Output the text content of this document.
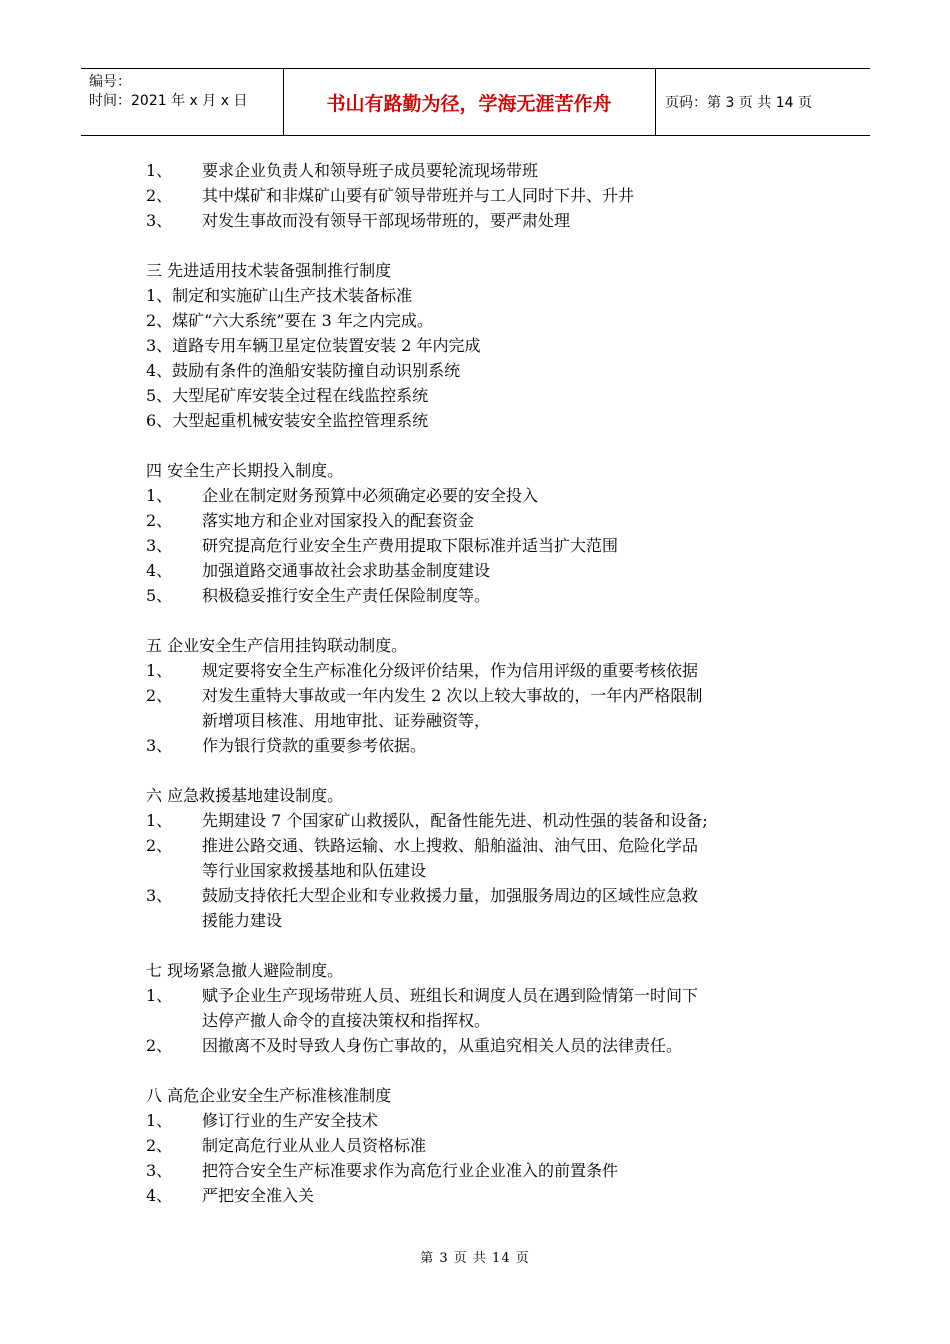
编号：
时间：2021 年 x 月 x 日	书山有路勤为径，学海无涯苦作舟	页码：第 3 页 共 14 页
1、 要求企业负责人和领导班子成员要轮流现场带班
2、 其中煤矿和非煤矿山要有矿领导带班并与工人同时下井、升井
3、 对发生事故而没有领导干部现场带班的，要严肃处理
三 先进适用技术装备强制推行制度
1、制定和实施矿山生产技术装备标准
2、煤矿“六大系统”要在 3 年之内完成。
3、道路专用车辆卫星定位装置安装 2 年内完成
4、鼓励有条件的渔船安装防撞自动识别系统
5、大型尾矿库安装全过程在线监控系统
6、大型起重机械安装安全监控管理系统
四 安全生产长期投入制度。
1、 企业在制定财务预算中必须确定必要的安全投入
2、 落实地方和企业对国家投入的配套资金
3、 研究提高危行业安全生产费用提取下限标准并适当扩大范围
4、 加强道路交通事故社会求助基金制度建设
5、 积极稳妥推行安全生产责任保险制度等。
五 企业安全生产信用挂钩联动制度。
1、 规定要将安全生产标准化分级评价结果，作为信用评级的重要考核依据
2、 对发生重特大事故或一年内发生 2 次以上较大事故的，一年内严格限制
新增项目核准、用地审批、证券融资等，
3、 作为银行贷款的重要参考依据。
六 应急救援基地建设制度。
1、 先期建设 7 个国家矿山救援队，配备性能先进、机动性强的装备和设备;
2、 推进公路交通、铁路运输、水上搜救、船舶溢油、油气田、危险化学品
等行业国家救援基地和队伍建设
3、 鼓励支持依托大型企业和专业救援力量，加强服务周边的区域性应急救
援能力建设
七 现场紧急撤人避险制度。
1、 赋予企业生产现场带班人员、班组长和调度人员在遇到险情第一时间下
达停产撤人命令的直接决策权和指挥权。
2、 因撤离不及时导致人身伤亡事故的，从重追究相关人员的法律责任。
八 高危企业安全生产标准核准制度
1、 修订行业的生产安全技术
2、 制定高危行业从业人员资格标准
3、 把符合安全生产标准要求作为高危行业企业准入的前置条件
4、 严把安全准入关
第 3 页 共 14 页
